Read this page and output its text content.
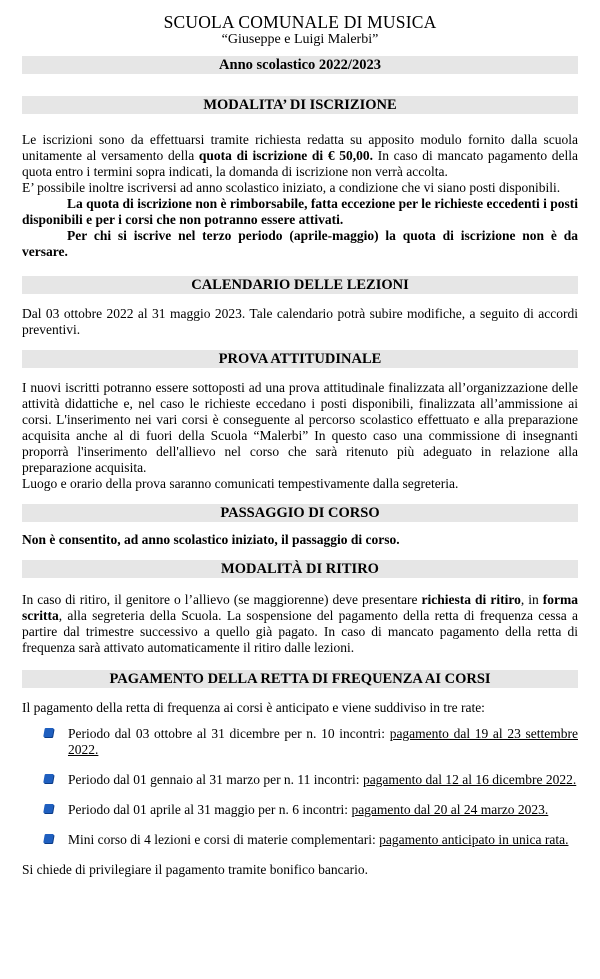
SCUOLA COMUNALE DI MUSICA
“Giuseppe e Luigi Malerbi”
Anno scolastico 2022/2023
MODALITA’ DI ISCRIZIONE

Le iscrizioni sono da effettuarsi tramite richiesta redatta su apposito modulo fornito dalla scuola unitamente al versamento della quota di iscrizione di € 50,00. In caso di mancato pagamento della quota entro i termini sopra indicati, la domanda di iscrizione non verrà accolta.

E’ possibile inoltre iscriversi ad anno scolastico iniziato, a condizione che vi siano posti disponibili.

La quota di iscrizione non è rimborsabile, fatta eccezione per le richieste eccedenti i posti disponibili e per i corsi che non potranno essere attivati.

Per chi si iscrive nel terzo periodo (aprile-maggio) la quota di iscrizione non è da versare.

CALENDARIO DELLE LEZIONI

Dal 03 ottobre 2022 al 31 maggio 2023. Tale calendario potrà subire modifiche, a seguito di accordi preventivi.

PROVA ATTITUDINALE

I nuovi iscritti potranno essere sottoposti ad una prova attitudinale finalizzata all’organizzazione delle attività didattiche e, nel caso le richieste eccedano i posti disponibili, finalizzata all’ammissione ai corsi. L'inserimento nei vari corsi è conseguente al percorso scolastico effettuato e alla preparazione acquisita anche al di fuori della Scuola “Malerbi” In questo caso una commissione di insegnanti proporrà l'inserimento dell'allievo nel corso che sarà ritenuto più adeguato in relazione alla preparazione acquisita.

Luogo e orario della prova saranno comunicati tempestivamente dalla segreteria.

PASSAGGIO DI CORSO

Non è consentito, ad anno scolastico iniziato, il passaggio di corso.

MODALITÀ DI RITIRO

In caso di ritiro, il genitore o l’allievo (se maggiorenne) deve presentare richiesta di ritiro, in forma scritta, alla segreteria della Scuola. La sospensione del pagamento della retta di frequenza cessa a partire dal trimestre successivo a quello già pagato. In caso di mancato pagamento della retta di frequenza sarà attivato automaticamente il ritiro dalle lezioni.

PAGAMENTO DELLA RETTA DI FREQUENZA AI CORSI

Il pagamento della retta di frequenza ai corsi è anticipato e viene suddiviso in tre rate:

Periodo dal 03 ottobre al 31 dicembre per n. 10 incontri: pagamento dal 19 al 23 settembre 2022.
Periodo dal 01 gennaio al 31 marzo per n. 11 incontri: pagamento dal 12 al 16 dicembre 2022.
Periodo dal 01 aprile al 31 maggio per n. 6 incontri: pagamento dal 20 al 24 marzo 2023.
Mini corso di 4 lezioni e corsi di materie complementari: pagamento anticipato in unica rata.

Si chiede di privilegiare il pagamento tramite bonifico bancario.
